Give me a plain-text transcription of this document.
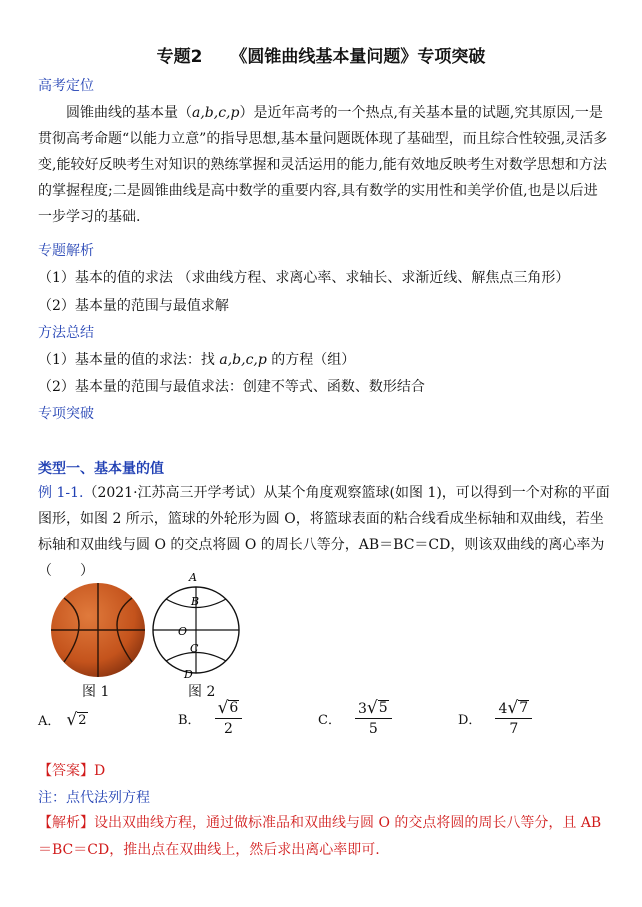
专题2 《圆锥曲线基本量问题》专项突破
高考定位
圆锥曲线的基本量（a,b,c,p）是近年高考的一个热点,有关基本量的试题,究其原因,一是贯彻高考命题“以能力立意”的指导思想,基本量问题既体现了基础型，而且综合性较强,灵活多变,能较好反映考生对知识的熟练掌握和灵活运用的能力,能有效地反映考生对数学思想和方法的掌握程度;二是圆锥曲线是高中数学的重要内容,具有数学的实用性和美学价值,也是以后进一步学习的基础.
专题解析
（1）基本的值的求法 （求曲线方程、求离心率、求轴长、求渐近线、解焦点三角形）
（2）基本量的范围与最值求解
方法总结
（1）基本量的值的求法：找 a,b,c,p 的方程（组）
（2）基本量的范围与最值求法：创建不等式、函数、数形结合
专项突破
类型一、基本量的值
例 1-1.（2021·江苏高三开学考试）从某个角度观察篮球(如图 1)，可以得到一个对称的平面图形，如图 2 所示，篮球的外轮形为圆 O，将篮球表面的粘合线看成坐标轴和双曲线，若坐标轴和双曲线与圆 O 的交点将圆 O 的周长八等分，AB＝BC＝CD，则该双曲线的离心率为（　　）
图 1
A
B
O
C
D
图 2
A． √ 2	B． $\frac{√ 6}{2}$	C． $\frac{3 √ 5}{5}$	D． $\frac{4 √ 7}{7}$
【答案】D
注：点代法列方程
【解析】设出双曲线方程，通过做标准品和双曲线与圆 O 的交点将圆的周长八等分，且 AB＝BC＝CD，推出点在双曲线上，然后求出离心率即可.
